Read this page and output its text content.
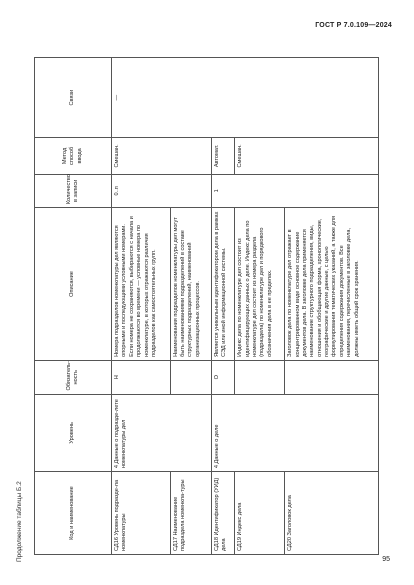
ГОСТ Р 7.0.109—2024
Продолжение таблицы Б.2	Код и наименование	Уровень	Обязатель-ность	Описание	Количество в записи	Метод способ ввода	Связи
СД16 Уровень подразде-ла номенклатуры	4 Данные о подразде-лете номенклатуры дел	Н	Номера подразделов номенклатуры дел являются опорными и последующими условными номерами. Если номера не сохраняются, выбираются с начала и продолжаются во времени — условные номера по номенклатуре, в которых отражаются различия подразделов как самостоятельных групп.	0..п	Смешан.	—

СД17 Наименование подраздела номенкла-туры			Наименования подразделов номенклатуры дел могут быть наименованиями подразделений в составе структурных подразделений, наименований организационных процессов.			
СД18 Идентификатор (УИД) дела	4 Данные о деле	О	Является уникальным идентификатором дела в рамках СЭД или иной информационной системы.	1	Автомат.	
СД19 Индекс дела			Индекс дела по номенклатуре дел состоит из идентифицирующих данных о деле. Индекс дела по номенклатуре дел состоит из номера раздела (подраздела) по номенклатуре дел и порядкового обозначения дела в ее пределах.		Смешан.	
СД20 Заголовок дела			Заголовок дела по номенклатуре дел отражает в концентрированном виде основное содержание документов дела. В заголовке дела применяется наименование структурного подразделения, виды, отношения и обобщающая форма, хронологические, географические и другие данные, с целью формулирования тематических указаний, а также для определения содержания документов. Все наименования, перечисленные в заголовке дела, должны иметь общий срок хранения.			
95
